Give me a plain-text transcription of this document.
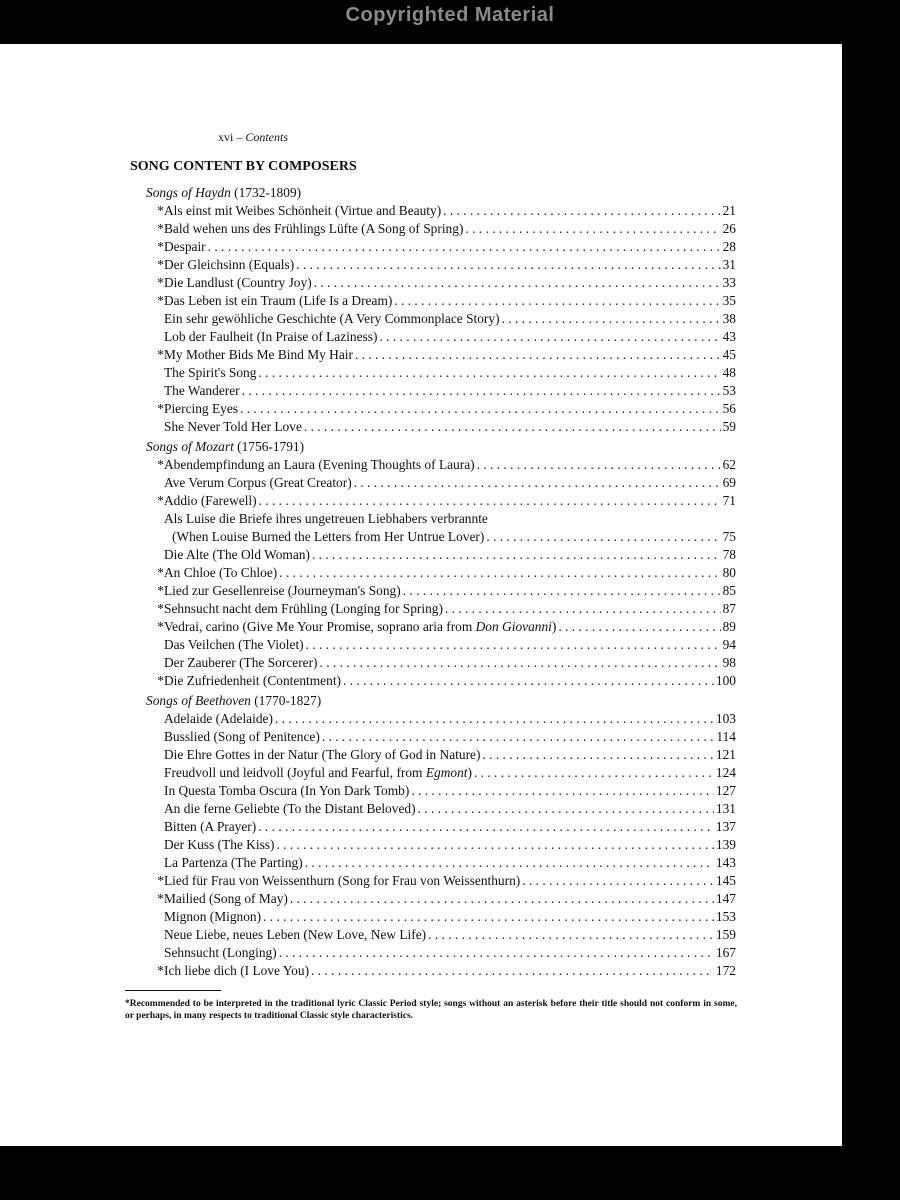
Copyrighted Material
xvi – Contents
SONG CONTENT BY COMPOSERS
Songs of Haydn (1732-1809)
* Als einst mit Weibes Schönheit (Virtue and Beauty) . . .	21
* Bald wehen uns des Frühlings Lüfte (A Song of Spring) . . .	26
* Despair . . .	28
* Der Gleichsinn (Equals) . . .	31
* Die Landlust (Country Joy) . . .	33
* Das Leben ist ein Traum (Life Is a Dream) . . .	35
Ein sehr gewöhliche Geschichte (A Very Commonplace Story) . . .	38
Lob der Faulheit (In Praise of Laziness) . . .	43
* My Mother Bids Me Bind My Hair . . .	45
The Spirit's Song . . .	48
The Wanderer . . .	53
* Piercing Eyes . . .	56
She Never Told Her Love . . .	59
Songs of Mozart (1756-1791)
* Abendempfindung an Laura (Evening Thoughts of Laura) . . .	62
Ave Verum Corpus (Great Creator) . . .	69
* Addio (Farewell) . . .	71
Als Luise die Briefe ihres ungetreuen Liebhabers verbrannte
(When Louise Burned the Letters from Her Untrue Lover) . . .	75
Die Alte (The Old Woman) . . .	78
* An Chloe (To Chloe) . . .	80
* Lied zur Gesellenreise (Journeyman's Song) . . .	85
* Sehnsucht nacht dem Frühling (Longing for Spring) . . .	87
* Vedrai, carino (Give Me Your Promise, soprano aria from Don Giovanni) . . .	89
Das Veilchen (The Violet) . . .	94
Der Zauberer (The Sorcerer) . . .	98
* Die Zufriedenheit (Contentment) . . .	100
Songs of Beethoven (1770-1827)
Adelaide (Adelaide) . . .	103
Busslied (Song of Penitence) . . .	114
Die Ehre Gottes in der Natur (The Glory of God in Nature) . . .	121
Freudvoll und leidvoll (Joyful and Fearful, from Egmont) . . .	124
In Questa Tomba Oscura (In Yon Dark Tomb) . . .	127
An die ferne Geliebte (To the Distant Beloved) . . .	131
Bitten (A Prayer) . . .	137
Der Kuss (The Kiss) . . .	139
La Partenza (The Parting) . . .	143
* Lied für Frau von Weissenthurn (Song for Frau von Weissenthurn) . . .	145
* Mailied (Song of May) . . .	147
Mignon (Mignon) . . .	153
Neue Liebe, neues Leben (New Love, New Life) . . .	159
Sehnsucht (Longing) . . .	167
* Ich liebe dich (I Love You) . . .	172
*Recommended to be interpreted in the traditional lyric Classic Period style; songs without an asterisk before their title should not conform in some, or perhaps, in many respects to traditional Classic style characteristics.
